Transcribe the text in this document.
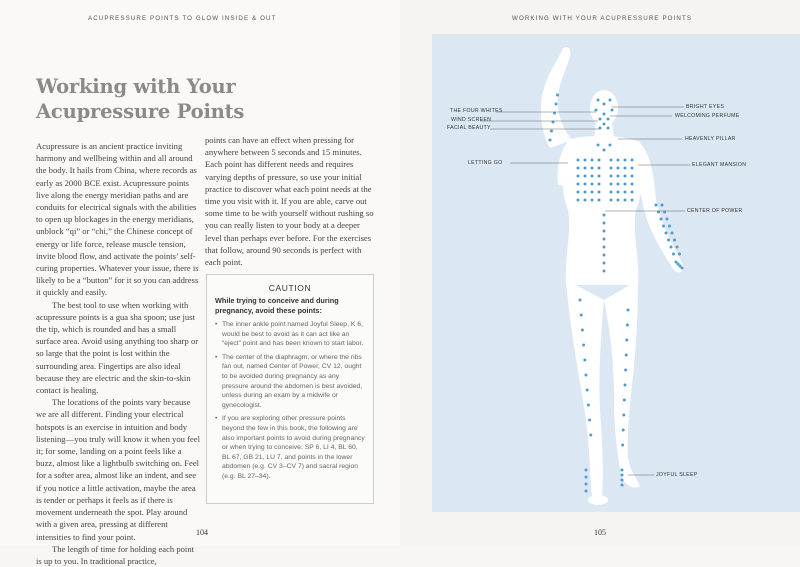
ACUPRESSURE POINTS TO GLOW INSIDE & OUT
Working with Your
Acupressure Points

Acupressure is an ancient practice inviting harmony and wellbeing within and all around the body. It hails from China, where records as early as 2000 BCE exist. Acupressure points live along the energy meridian paths and are conduits for electrical signals with the abilities to open up blockages in the energy meridians, unblock “qi” or “chi,” the Chinese concept of energy or life force, release muscle tension, invite blood flow, and activate the points’ self-curing properties. Whatever your issue, there is likely to be a “button” for it so you can address it quickly and easily.

The best tool to use when working with acupressure points is a gua sha spoon; use just the tip, which is rounded and has a small surface area. Avoid using anything too sharp or so large that the point is lost within the surrounding area. Fingertips are also ideal because they are electric and the skin-to-skin contact is healing.

The locations of the points vary because we are all different. Finding your electrical hotspots is an exercise in intuition and body listening—you truly will know it when you feel it; for some, landing on a point feels like a buzz, almost like a lightbulb switching on. Feel for a softer area, almost like an indent, and see if you notice a little activation, maybe the area is tender or perhaps it feels as if there is movement underneath the spot. Play around with a given area, pressing at different intensities to find your point.

The length of time for holding each point is up to you. In traditional practice,

points can have an effect when pressing for anywhere between 5 seconds and 15 minutes. Each point has different needs and requires varying depths of pressure, so use your initial practice to discover what each point needs at the time you visit with it. If you are able, carve out some time to be with yourself without rushing so you can really listen to your body at a deeper level than perhaps ever before. For the exercises that follow, around 90 seconds is perfect with each point.

CAUTION
While trying to conceive and during pregnancy, avoid these points:
• The inner ankle point named Joyful Sleep, K 6, would be best to avoid as it can act like an “eject” point and has been known to start labor.
• The center of the diaphragm, or where the ribs fan out, named Center of Power, CV 12, ought to be avoided during pregnancy as any pressure around the abdomen is best avoided, unless during an exam by a midwife or gynecologist.
• If you are exploring other pressure points beyond the few in this book, the following are also important points to avoid during pregnancy or when trying to conceive: SP 6, LI 4, BL 60, BL 67, GB 21, LU 7, and points in the lower abdomen (e.g. CV 3–CV 7) and sacral region (e.g. BL 27–34).
104
WORKING WITH YOUR ACUPRESSURE POINTS
THE FOUR WHITES
WIND SCREEN
FACIAL BEAUTY
LETTING GO
BRIGHT EYES
WELCOMING PERFUME
HEAVENLY PILLAR
ELEGANT MANSION
CENTER OF POWER
JOYFUL SLEEP
105
